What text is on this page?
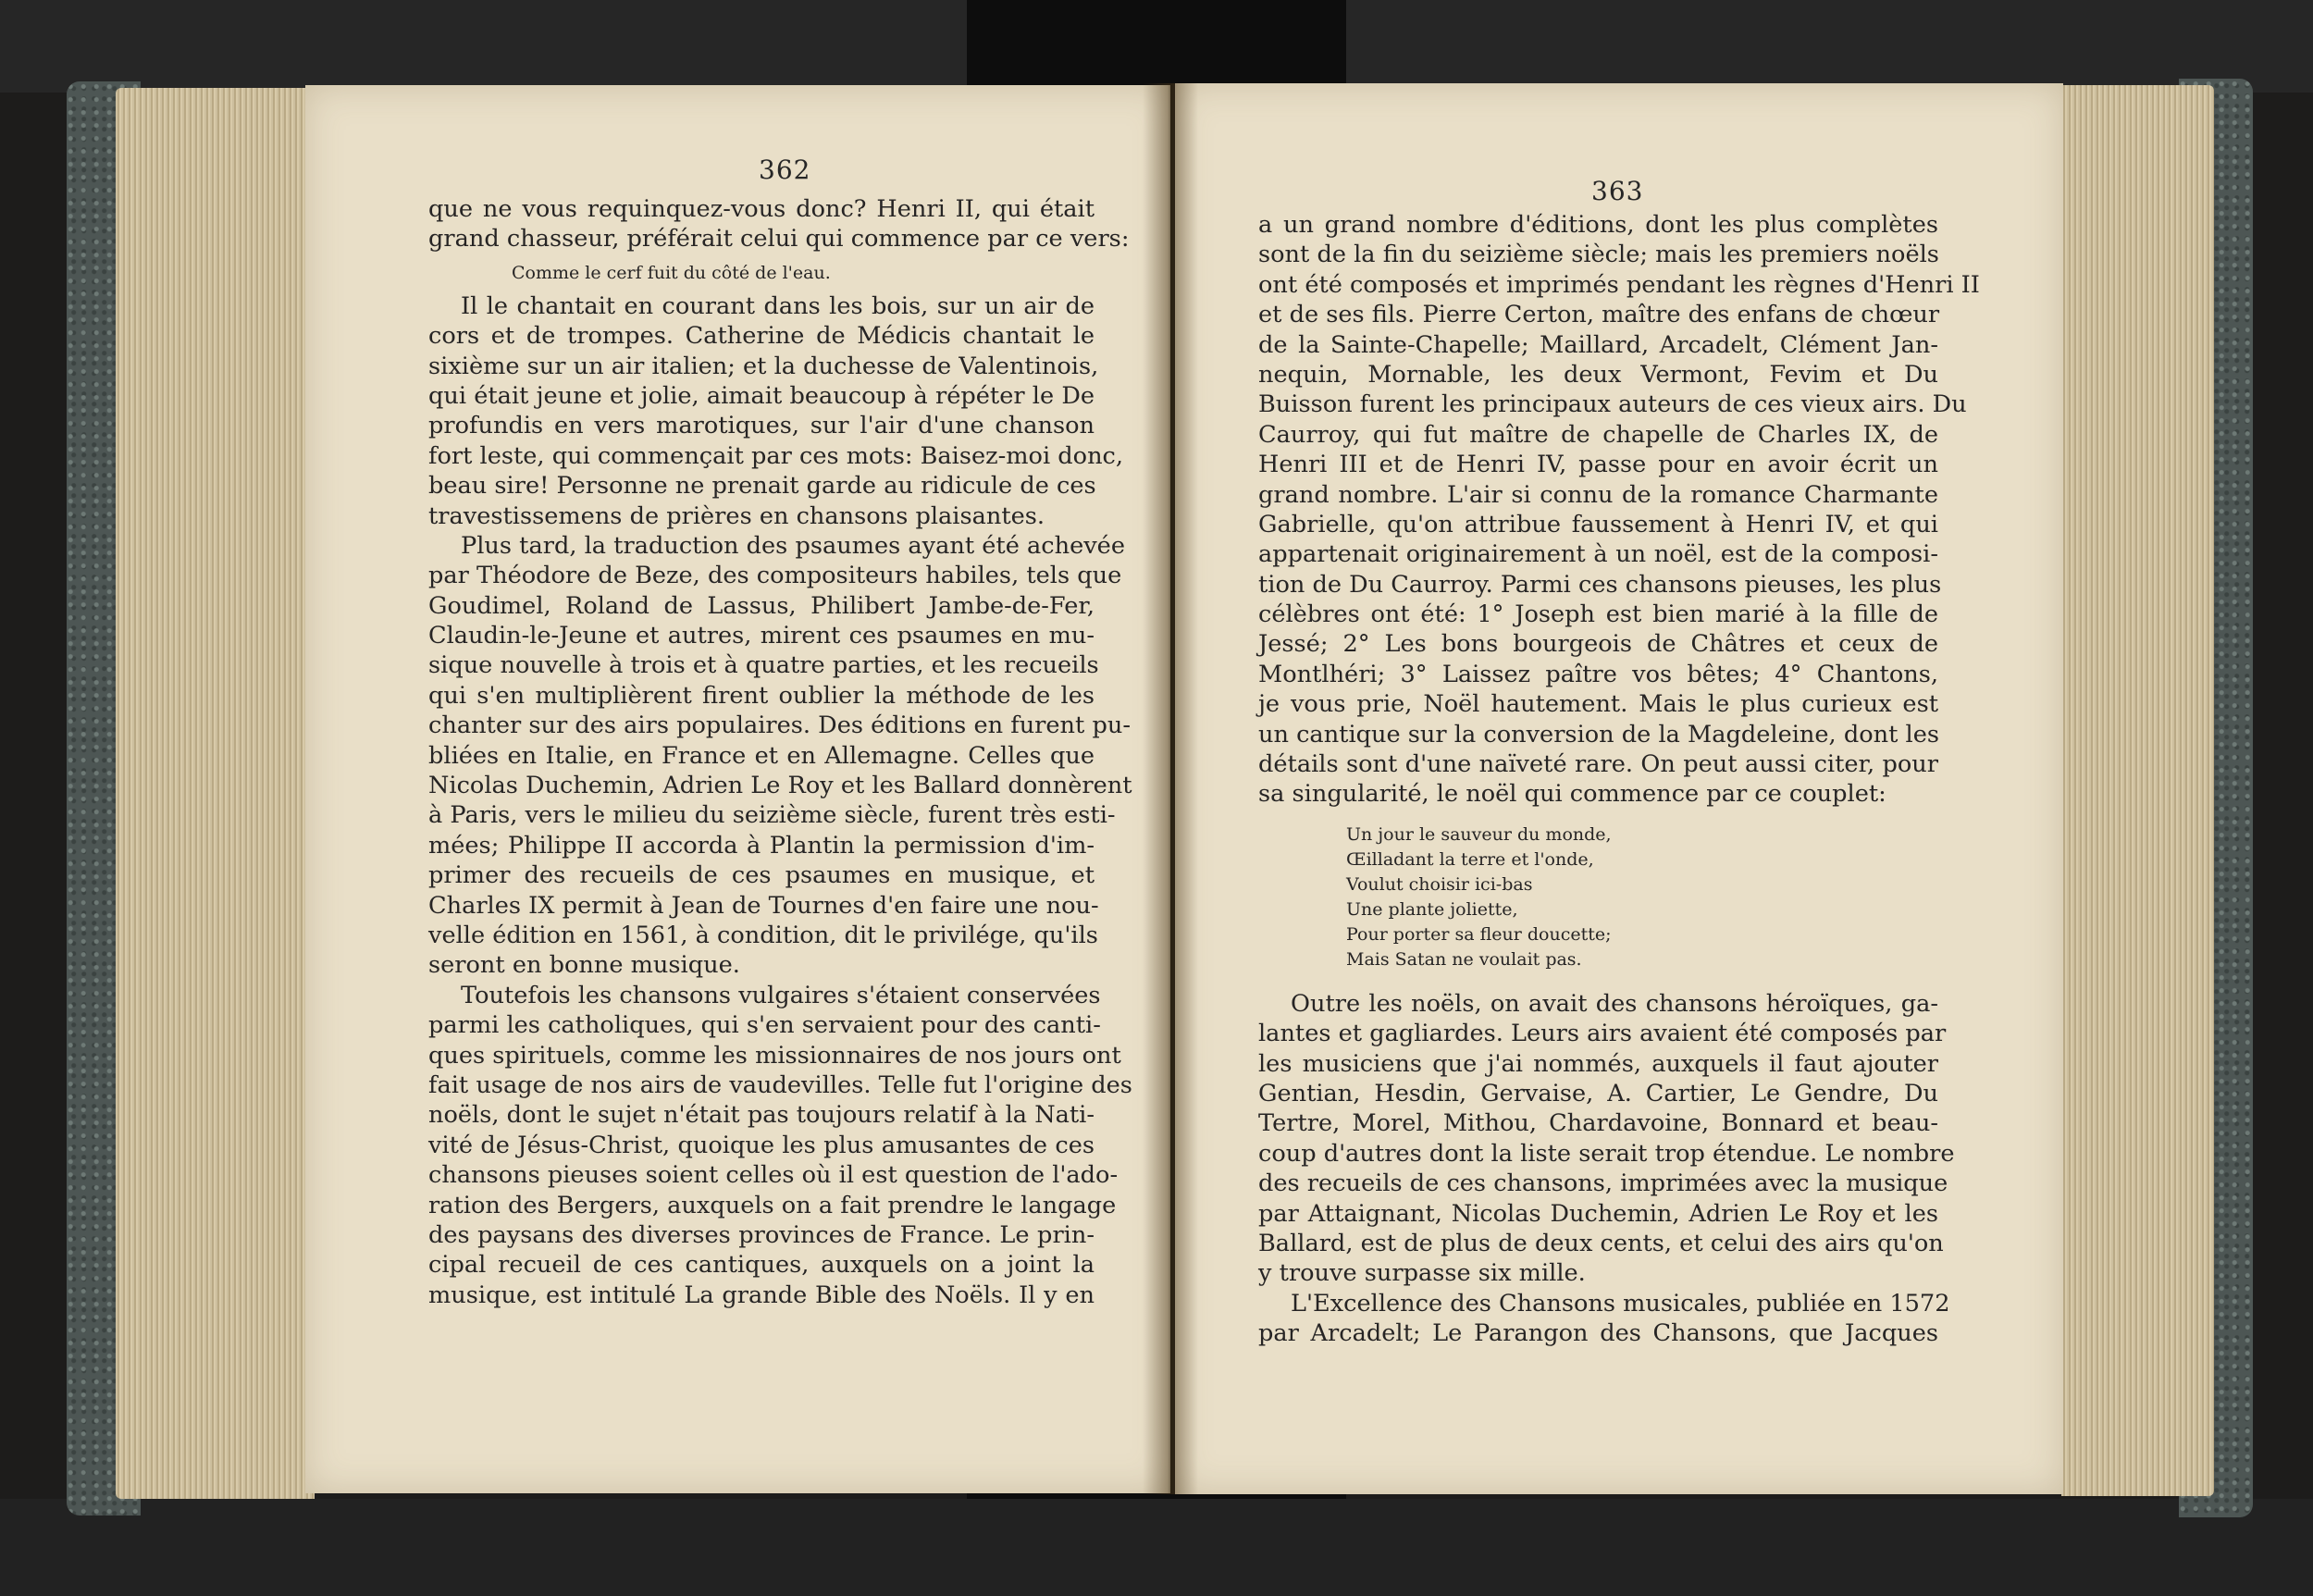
362
363
que ne vous requinquez-vous donc? Henri II, qui était
grand chasseur, préférait celui qui commence par ce vers:
Comme le cerf fuit du côté de l'eau.
Il le chantait en courant dans les bois, sur un air de
cors et de trompes. Catherine de Médicis chantait le
sixième sur un air italien; et la duchesse de Valentinois,
qui était jeune et jolie, aimait beaucoup à répéter le De
profundis en vers marotiques, sur l'air d'une chanson
fort leste, qui commençait par ces mots: Baisez-moi donc,
beau sire! Personne ne prenait garde au ridicule de ces
travestissemens de prières en chansons plaisantes.
Plus tard, la traduction des psaumes ayant été achevée
par Théodore de Beze, des compositeurs habiles, tels que
Goudimel, Roland de Lassus, Philibert Jambe-de-Fer,
Claudin-le-Jeune et autres, mirent ces psaumes en mu-
sique nouvelle à trois et à quatre parties, et les recueils
qui s'en multiplièrent firent oublier la méthode de les
chanter sur des airs populaires. Des éditions en furent pu-
bliées en Italie, en France et en Allemagne. Celles que
Nicolas Duchemin, Adrien Le Roy et les Ballard donnèrent
à Paris, vers le milieu du seizième siècle, furent très esti-
mées; Philippe II accorda à Plantin la permission d'im-
primer des recueils de ces psaumes en musique, et
Charles IX permit à Jean de Tournes d'en faire une nou-
velle édition en 1561, à condition, dit le privilége, qu'ils
seront en bonne musique.
Toutefois les chansons vulgaires s'étaient conservées
parmi les catholiques, qui s'en servaient pour des canti-
ques spirituels, comme les missionnaires de nos jours ont
fait usage de nos airs de vaudevilles. Telle fut l'origine des
noëls, dont le sujet n'était pas toujours relatif à la Nati-
vité de Jésus-Christ, quoique les plus amusantes de ces
chansons pieuses soient celles où il est question de l'ado-
ration des Bergers, auxquels on a fait prendre le langage
des paysans des diverses provinces de France. Le prin-
cipal recueil de ces cantiques, auxquels on a joint la
musique, est intitulé La grande Bible des Noëls. Il y en
a un grand nombre d'éditions, dont les plus complètes
sont de la fin du seizième siècle; mais les premiers noëls
ont été composés et imprimés pendant les règnes d'Henri II
et de ses fils. Pierre Certon, maître des enfans de chœur
de la Sainte-Chapelle; Maillard, Arcadelt, Clément Jan-
nequin, Mornable, les deux Vermont, Fevim et Du
Buisson furent les principaux auteurs de ces vieux airs. Du
Caurroy, qui fut maître de chapelle de Charles IX, de
Henri III et de Henri IV, passe pour en avoir écrit un
grand nombre. L'air si connu de la romance Charmante
Gabrielle, qu'on attribue faussement à Henri IV, et qui
appartenait originairement à un noël, est de la composi-
tion de Du Caurroy. Parmi ces chansons pieuses, les plus
célèbres ont été: 1° Joseph est bien marié à la fille de
Jessé; 2° Les bons bourgeois de Châtres et ceux de
Montlhéri; 3° Laissez paître vos bêtes; 4° Chantons,
je vous prie, Noël hautement. Mais le plus curieux est
un cantique sur la conversion de la Magdeleine, dont les
détails sont d'une naïveté rare. On peut aussi citer, pour
sa singularité, le noël qui commence par ce couplet:
Un jour le sauveur du monde,
Œilladant la terre et l'onde,
Voulut choisir ici-bas
Une plante joliette,
Pour porter sa fleur doucette;
Mais Satan ne voulait pas.
Outre les noëls, on avait des chansons héroïques, ga-
lantes et gagliardes. Leurs airs avaient été composés par
les musiciens que j'ai nommés, auxquels il faut ajouter
Gentian, Hesdin, Gervaise, A. Cartier, Le Gendre, Du
Tertre, Morel, Mithou, Chardavoine, Bonnard et beau-
coup d'autres dont la liste serait trop étendue. Le nombre
des recueils de ces chansons, imprimées avec la musique
par Attaignant, Nicolas Duchemin, Adrien Le Roy et les
Ballard, est de plus de deux cents, et celui des airs qu'on
y trouve surpasse six mille.
L'Excellence des Chansons musicales, publiée en 1572
par Arcadelt; Le Parangon des Chansons, que Jacques
